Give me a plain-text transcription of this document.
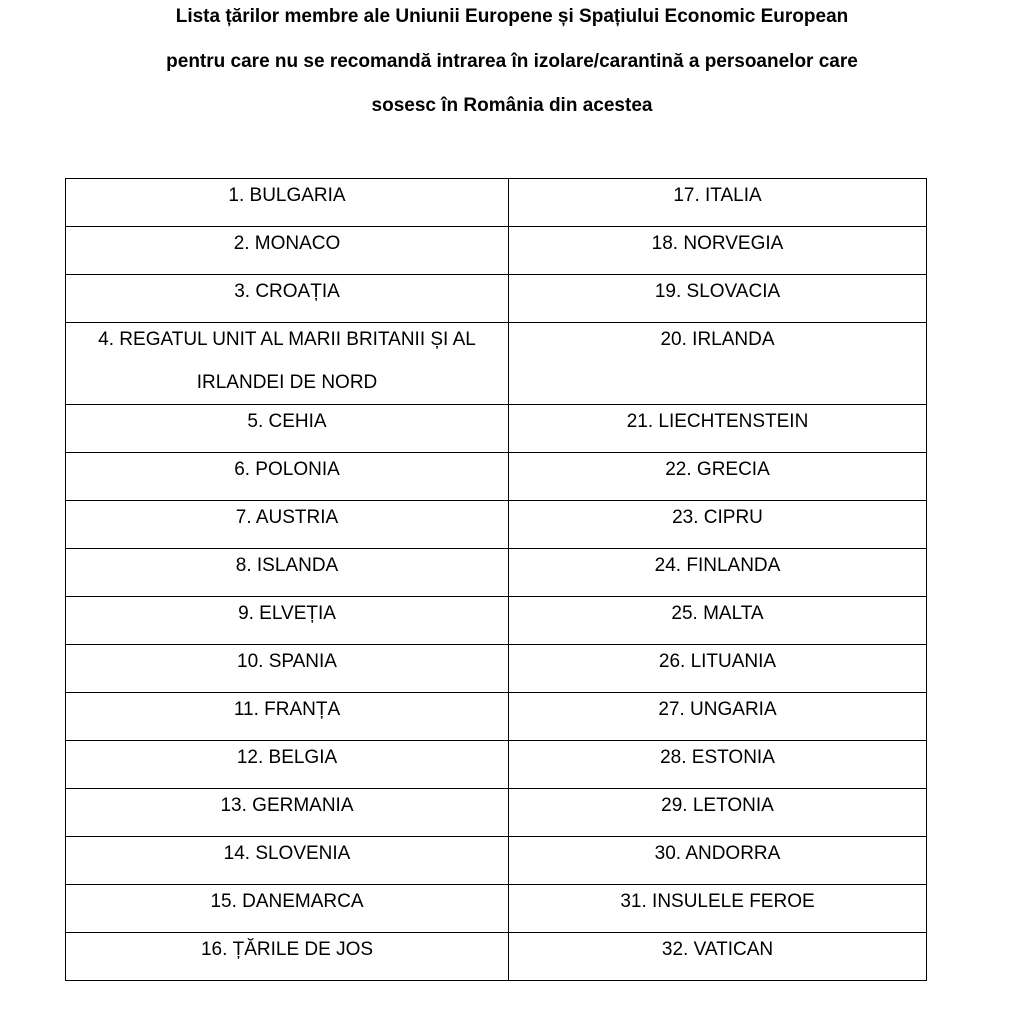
Lista țărilor membre ale Uniunii Europene și Spațiului Economic European
pentru care nu se recomandă intrarea în izolare/carantină a persoanelor care
sosesc în România din acestea
1. BULGARIA	17. ITALIA
2. MONACO	18. NORVEGIA
3. CROAȚIA	19. SLOVACIA

4. REGATUL UNIT AL MARII BRITANII ȘI AL IRLANDEI DE NORD	20. IRLANDA

5. CEHIA	21. LIECHTENSTEIN
6. POLONIA	22. GRECIA
7. AUSTRIA	23. CIPRU
8. ISLANDA	24. FINLANDA
9. ELVEȚIA	25. MALTA
10. SPANIA	26. LITUANIA
11. FRANȚA	27. UNGARIA
12. BELGIA	28. ESTONIA
13. GERMANIA	29. LETONIA
14. SLOVENIA	30. ANDORRA
15. DANEMARCA	31. INSULELE FEROE
16. ȚĂRILE DE JOS	32. VATICAN
